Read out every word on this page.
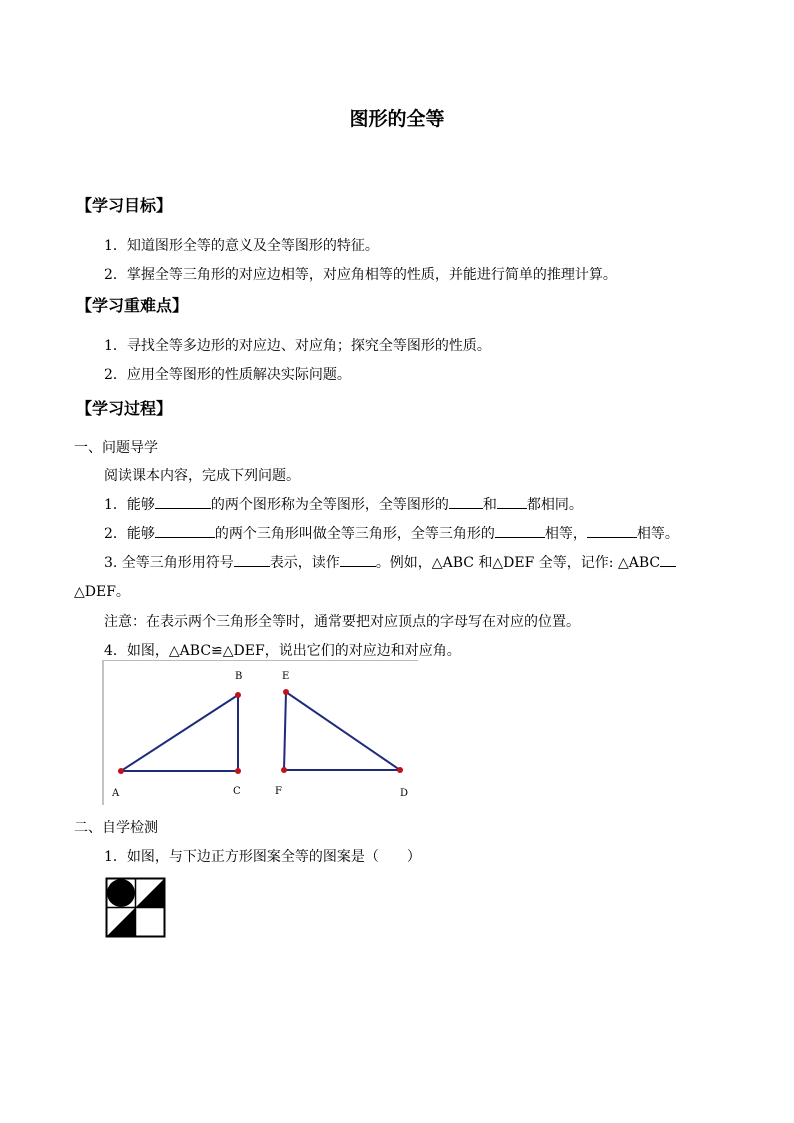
图形的全等
【学习目标】
1．知道图形全等的意义及全等图形的特征。
2．掌握全等三角形的对应边相等，对应角相等的性质，并能进行简单的推理计算。
【学习重难点】
1．寻找全等多边形的对应边、对应角；探究全等图形的性质。
2．应用全等图形的性质解决实际问题。
【学习过程】
一、问题导学
阅读课本内容，完成下列问题。
1．能够	的两个图形称为全等图形，全等图形的 和 都相同。
2．能够	的两个三角形叫做全等三角形，全等三角形的	相等，	相等。
3. 全等三角形用符号	表示，读作	。例如，△ABC 和△DEF 全等，记作: △ABC
△DEF。
注意：在表示两个三角形全等时，通常要把对应顶点的字母写在对应的位置。
4．如图，△ABC≌△DEF，说出它们的对应边和对应角。
A
B
C
E
F	D
二、自学检测
1．如图，与下边正方形图案全等的图案是（　　）
